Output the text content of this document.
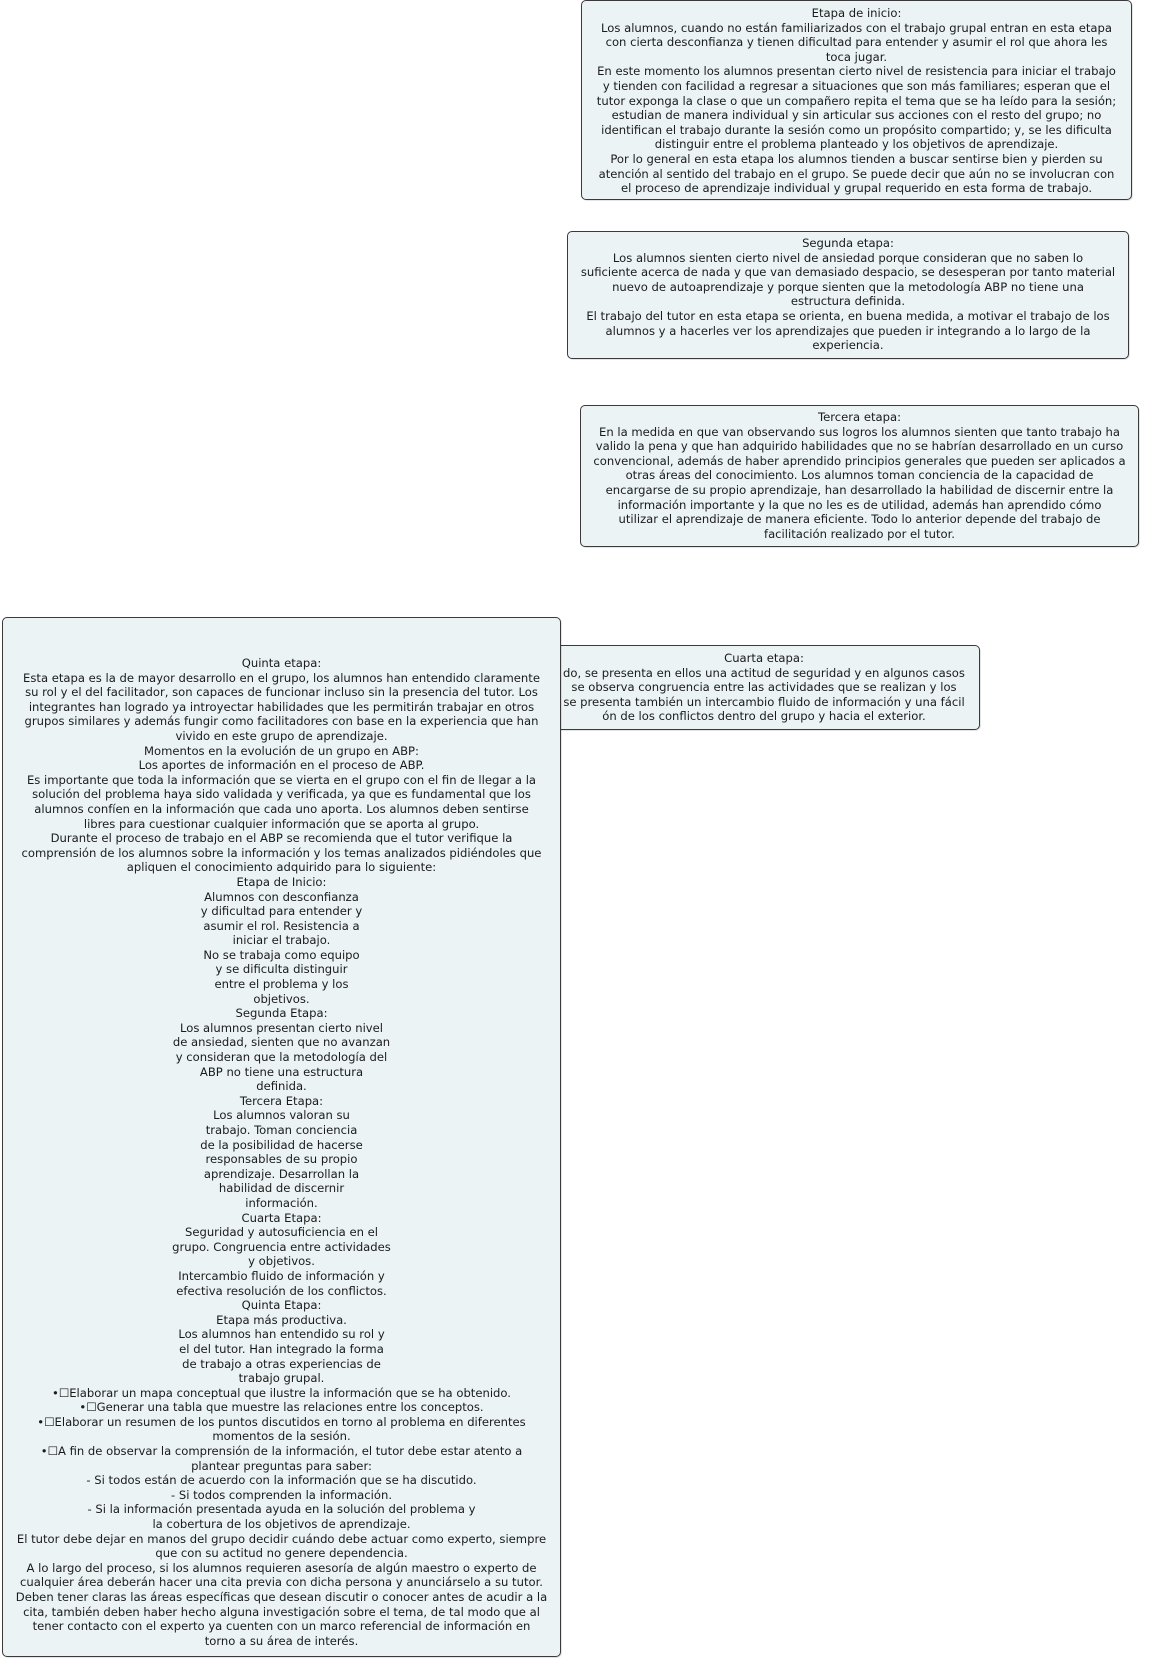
Etapa de inicio:
Los alumnos, cuando no están familiarizados con el trabajo grupal entran en esta etapa
con cierta desconfianza y tienen dificultad para entender y asumir el rol que ahora les
toca jugar.
En este momento los alumnos presentan cierto nivel de resistencia para iniciar el trabajo
y tienden con facilidad a regresar a situaciones que son más familiares; esperan que el
tutor exponga la clase o que un compañero repita el tema que se ha leído para la sesión;
estudian de manera individual y sin articular sus acciones con el resto del grupo; no
identifican el trabajo durante la sesión como un propósito compartido; y, se les dificulta
distinguir entre el problema planteado y los objetivos de aprendizaje.
Por lo general en esta etapa los alumnos tienden a buscar sentirse bien y pierden su
atención al sentido del trabajo en el grupo. Se puede decir que aún no se involucran con
el proceso de aprendizaje individual y grupal requerido en esta forma de trabajo.
Segunda etapa:
Los alumnos sienten cierto nivel de ansiedad porque consideran que no saben lo
suficiente acerca de nada y que van demasiado despacio, se desesperan por tanto material
nuevo de autoaprendizaje y porque sienten que la metodología ABP no tiene una
estructura definida.
El trabajo del tutor en esta etapa se orienta, en buena medida, a motivar el trabajo de los
alumnos y a hacerles ver los aprendizajes que pueden ir integrando a lo largo de la
experiencia.
Tercera etapa:
En la medida en que van observando sus logros los alumnos sienten que tanto trabajo ha
valido la pena y que han adquirido habilidades que no se habrían desarrollado en un curso
convencional, además de haber aprendido principios generales que pueden ser aplicados a
otras áreas del conocimiento. Los alumnos toman conciencia de la capacidad de
encargarse de su propio aprendizaje, han desarrollado la habilidad de discernir entre la
información importante y la que no les es de utilidad, además han aprendido cómo
utilizar el aprendizaje de manera eficiente. Todo lo anterior depende del trabajo de
facilitación realizado por el tutor.
Cuarta etapa:
do, se presenta en ellos una actitud de seguridad y en algunos casos
se observa congruencia entre las actividades que se realizan y los
se presenta también un intercambio fluido de información y una fácil
ón de los conflictos dentro del grupo y hacia el exterior.
Quinta etapa:
Esta etapa es la de mayor desarrollo en el grupo, los alumnos han entendido claramente
su rol y el del facilitador, son capaces de funcionar incluso sin la presencia del tutor. Los
integrantes han logrado ya introyectar habilidades que les permitirán trabajar en otros
grupos similares y además fungir como facilitadores con base en la experiencia que han
vivido en este grupo de aprendizaje.
Momentos en la evolución de un grupo en ABP:
Los aportes de información en el proceso de ABP.
Es importante que toda la información que se vierta en el grupo con el fin de llegar a la
solución del problema haya sido validada y verificada, ya que es fundamental que los
alumnos confíen en la información que cada uno aporta. Los alumnos deben sentirse
libres para cuestionar cualquier información que se aporta al grupo.
Durante el proceso de trabajo en el ABP se recomienda que el tutor verifique la
comprensión de los alumnos sobre la información y los temas analizados pidiéndoles que
apliquen el conocimiento adquirido para lo siguiente:
Etapa de Inicio:
Alumnos con desconfianza
y dificultad para entender y
asumir el rol. Resistencia a
iniciar el trabajo.
No se trabaja como equipo
y se dificulta distinguir
entre el problema y los
objetivos.
Segunda Etapa:
Los alumnos presentan cierto nivel
de ansiedad, sienten que no avanzan
y consideran que la metodología del
ABP no tiene una estructura
definida.
Tercera Etapa:
Los alumnos valoran su
trabajo. Toman conciencia
de la posibilidad de hacerse
responsables de su propio
aprendizaje. Desarrollan la
habilidad de discernir
información.
Cuarta Etapa:
Seguridad y autosuficiencia en el
grupo. Congruencia entre actividades
y objetivos.
Intercambio fluido de información y
efectiva resolución de los conflictos.
Quinta Etapa:
Etapa más productiva.
Los alumnos han entendido su rol y
el del tutor. Han integrado la forma
de trabajo a otras experiencias de
trabajo grupal.
•☐Elaborar un mapa conceptual que ilustre la información que se ha obtenido.
•☐Generar una tabla que muestre las relaciones entre los conceptos.
•☐Elaborar un resumen de los puntos discutidos en torno al problema en diferentes
momentos de la sesión.
•☐A fin de observar la comprensión de la información, el tutor debe estar atento a
plantear preguntas para saber:
- Si todos están de acuerdo con la información que se ha discutido.
- Si todos comprenden la información.
- Si la información presentada ayuda en la solución del problema y
la cobertura de los objetivos de aprendizaje.
El tutor debe dejar en manos del grupo decidir cuándo debe actuar como experto, siempre
que con su actitud no genere dependencia.
A lo largo del proceso, si los alumnos requieren asesoría de algún maestro o experto de
cualquier área deberán hacer una cita previa con dicha persona y anunciárselo a su tutor.
Deben tener claras las áreas específicas que desean discutir o conocer antes de acudir a la
cita, también deben haber hecho alguna investigación sobre el tema, de tal modo que al
tener contacto con el experto ya cuenten con un marco referencial de información en
torno a su área de interés.
